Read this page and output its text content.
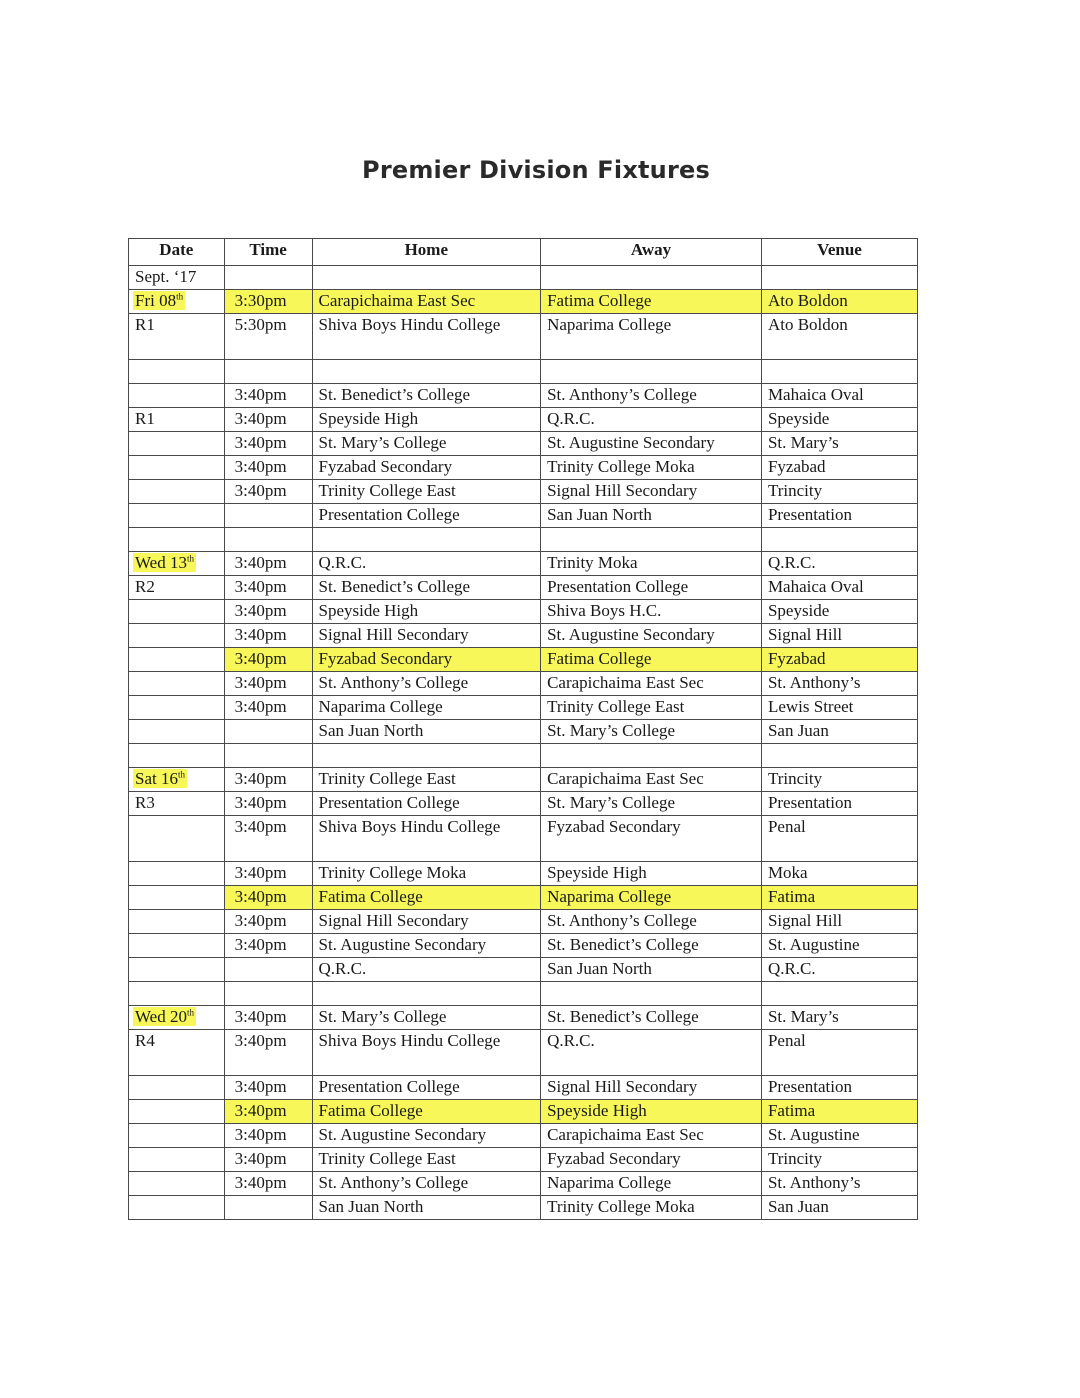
Premier Division Fixtures
Date	Time	Home	Away	Venue
Sept. ‘17				
Fri 08th	3:30pm	Carapichaima East Sec	Fatima College	Ato Boldon
R1	5:30pm	Shiva Boys Hindu College	Naparima College	Ato Boldon

	3:40pm	St. Benedict’s College	St. Anthony’s College	Mahaica Oval
R1	3:40pm	Speyside High	Q.R.C.	Speyside
	3:40pm	St. Mary’s College	St. Augustine Secondary	St. Mary’s
	3:40pm	Fyzabad Secondary	Trinity College Moka	Fyzabad
	3:40pm	Trinity College East	Signal Hill Secondary	Trincity
		Presentation College	San Juan North	Presentation

Wed 13th	3:40pm	Q.R.C.	Trinity Moka	Q.R.C.
R2	3:40pm	St. Benedict’s College	Presentation College	Mahaica Oval
	3:40pm	Speyside High	Shiva Boys H.C.	Speyside
	3:40pm	Signal Hill Secondary	St. Augustine Secondary	Signal Hill
	3:40pm	Fyzabad Secondary	Fatima College	Fyzabad
	3:40pm	St. Anthony’s College	Carapichaima East Sec	St. Anthony’s
	3:40pm	Naparima College	Trinity College East	Lewis Street
		San Juan North	St. Mary’s College	San Juan

Sat 16th	3:40pm	Trinity College East	Carapichaima East Sec	Trincity
R3	3:40pm	Presentation College	St. Mary’s College	Presentation
	3:40pm	Shiva Boys Hindu College	Fyzabad Secondary	Penal
	3:40pm	Trinity College Moka	Speyside High	Moka
	3:40pm	Fatima College	Naparima College	Fatima
	3:40pm	Signal Hill Secondary	St. Anthony’s College	Signal Hill
	3:40pm	St. Augustine Secondary	St. Benedict’s College	St. Augustine
		Q.R.C.	San Juan North	Q.R.C.

Wed 20th	3:40pm	St. Mary’s College	St. Benedict’s College	St. Mary’s
R4	3:40pm	Shiva Boys Hindu College	Q.R.C.	Penal
	3:40pm	Presentation College	Signal Hill Secondary	Presentation
	3:40pm	Fatima College	Speyside High	Fatima
	3:40pm	St. Augustine Secondary	Carapichaima East Sec	St. Augustine
	3:40pm	Trinity College East	Fyzabad Secondary	Trincity
	3:40pm	St. Anthony’s College	Naparima College	St. Anthony’s
		San Juan North	Trinity College Moka	San Juan
